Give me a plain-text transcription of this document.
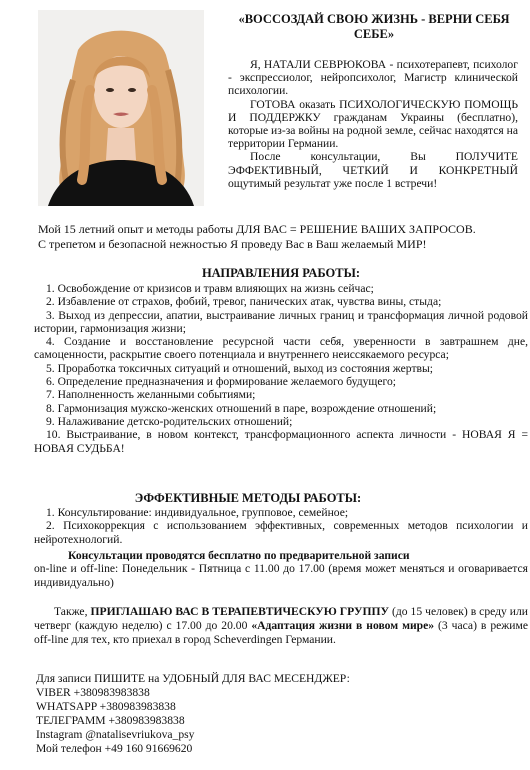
«ВОССОЗДАЙ СВОЮ ЖИЗНЬ - ВЕРНИ СЕБЯ СЕБЕ»

Я, НАТАЛИ СЕВРЮКОВА - психотерапевт, психолог - экспрессиолог, нейропсихолог, Магистр клинической психологии.

ГОТОВА оказать ПСИХОЛОГИЧЕСКУЮ ПОМОЩЬ И ПОДДЕРЖКУ гражданам Украины (бесплатно), которые из-за войны на родной земле, сейчас находятся на территории Германии.

После консультации, Вы ПОЛУЧИТЕ ЭФФЕКТИВНЫЙ, ЧЕТКИЙ И КОНКРЕТНЫЙ ощутимый результат уже после 1 встречи!

Мой 15 летний опыт и методы работы ДЛЯ ВАС = РЕШЕНИЕ ВАШИХ ЗАПРОСОВ.

С трепетом и безопасной нежностью Я проведу Вас в Ваш желаемый МИР!

НАПРАВЛЕНИЯ РАБОТЫ:

1. Освобождение от кризисов и травм влияющих на жизнь сейчас;

2. Избавление от страхов, фобий, тревог, панических атак, чувства вины, стыда;

3. Выход из депрессии, апатии, выстраивание личных границ и трансформация личной родовой истории, гармонизация жизни;

4. Создание и восстановление ресурсной части себя, уверенности в завтрашнем дне, самоценности, раскрытие своего потенциала и внутреннего неиссякаемого ресурса;

5. Проработка токсичных ситуаций и отношений, выход из состояния жертвы;

6. Определение предназначения и формирование желаемого будущего;

7. Наполненность желанными событиями;

8. Гармонизация мужско-женских отношений в паре, возрождение отношений;

9. Налаживание детско-родительских отношений;

10. Выстраивание, в новом контекст, трансформационного аспекта личности - НОВАЯ Я = НОВАЯ СУДЬБА!

ЭФФЕКТИВНЫЕ МЕТОДЫ РАБОТЫ:

1. Консультирование: индивидуальное, групповое, семейное;

2. Психокоррекция с использованием эффективных, современных методов психологии и нейротехнологий.

Консультации проводятся бесплатно по предварительной записи

on-line и off-line: Понедельник - Пятница с 11.00 до 17.00 (время может меняться и оговаривается индивидуально)

Также, ПРИГЛАШАЮ ВАС В ТЕРАПЕВТИЧЕСКУЮ ГРУППУ (до 15 человек) в среду или четверг (каждую неделю) с 17.00 до 20.00 «Адаптация жизни в новом мире» (3 часа) в режиме off-line для тех, кто приехал в город Scheverdingen Германии.

Для записи ПИШИТЕ на УДОБНЫЙ ДЛЯ ВАС МЕСЕНДЖЕР:

VIBER +380983983838

WHATSAPP +380983983838

ТЕЛЕГРАММ +380983983838

Instagram @natalisevriukova_psy

Мой телефон +49 160 91669620
